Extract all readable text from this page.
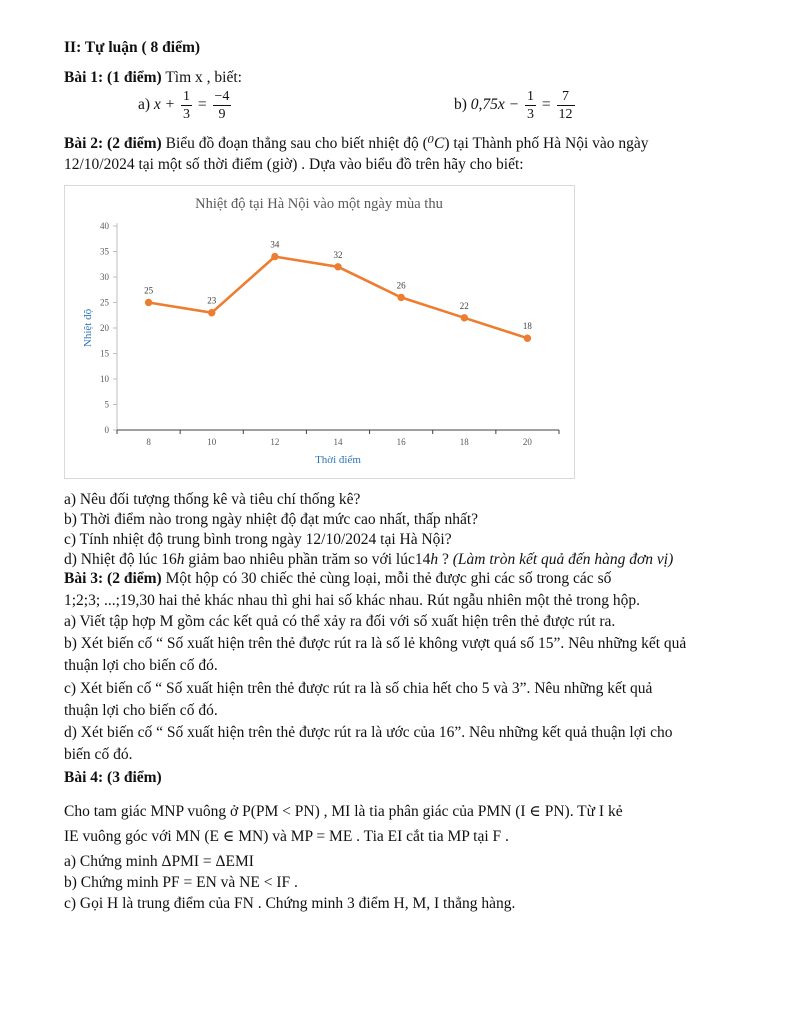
II: Tự luận ( 8 điểm)
Bài 1: (1 điểm) Tìm x , biết:
a) $x + \frac{1}{3} = \frac{-4}{9}$	b) $0,75x - \frac{1}{3} = \frac{7}{12}$
Bài 2: (2 điểm) Biểu đồ đoạn thẳng sau cho biết nhiệt độ (⁰C) tại Thành phố Hà Nội vào ngày
12/10/2024 tại một số thời điểm (giờ) . Dựa vào biểu đồ trên hãy cho biết:
Nhiệt độ tại Hà Nội vào một ngày mùa thu
Nhiệt độ
Thời điểm
0
5
10
15
20
25
30
35
40
8	10	12	14	16	18	20
25
23
34
32
26
22
18
a) Nêu đối tượng thống kê và tiêu chí thống kê?
b) Thời điểm nào trong ngày nhiệt độ đạt mức cao nhất, thấp nhất?
c) Tính nhiệt độ trung bình trong ngày 12/10/2024 tại Hà Nội?
d) Nhiệt độ lúc 16h giảm bao nhiêu phần trăm so với lúc14h ? (Làm tròn kết quả đến hàng đơn vị)
Bài 3: (2 điểm) Một hộp có 30 chiếc thẻ cùng loại, mỗi thẻ được ghi các số trong các số
1;2;3; ...;19,30 hai thẻ khác nhau thì ghi hai số khác nhau. Rút ngẫu nhiên một thẻ trong hộp.
a) Viết tập hợp M gồm các kết quả có thể xảy ra đối với số xuất hiện trên thẻ được rút ra.
b) Xét biến cố “ Số xuất hiện trên thẻ được rút ra là số lẻ không vượt quá số 15”. Nêu những kết quả
thuận lợi cho biến cố đó.
c) Xét biến cố “ Số xuất hiện trên thẻ được rút ra là số chia hết cho 5 và 3”. Nêu những kết quả
thuận lợi cho biến cố đó.
d) Xét biến cố “ Số xuất hiện trên thẻ được rút ra là ước của 16”. Nêu những kết quả thuận lợi cho
biến cố đó.
Bài 4: (3 điểm)
Cho tam giác MNP vuông ở P(PM < PN) , MI là tia phân giác của PMN (I ∈ PN). Từ I kẻ
IE vuông góc với MN (E ∈ MN) và MP = ME . Tia EI cắt tia MP tại F .
a) Chứng minh ΔPMI = ΔEMI
b) Chứng minh PF = EN và NE < IF .
c) Gọi H là trung điểm của FN . Chứng minh 3 điểm H, M, I thẳng hàng.
